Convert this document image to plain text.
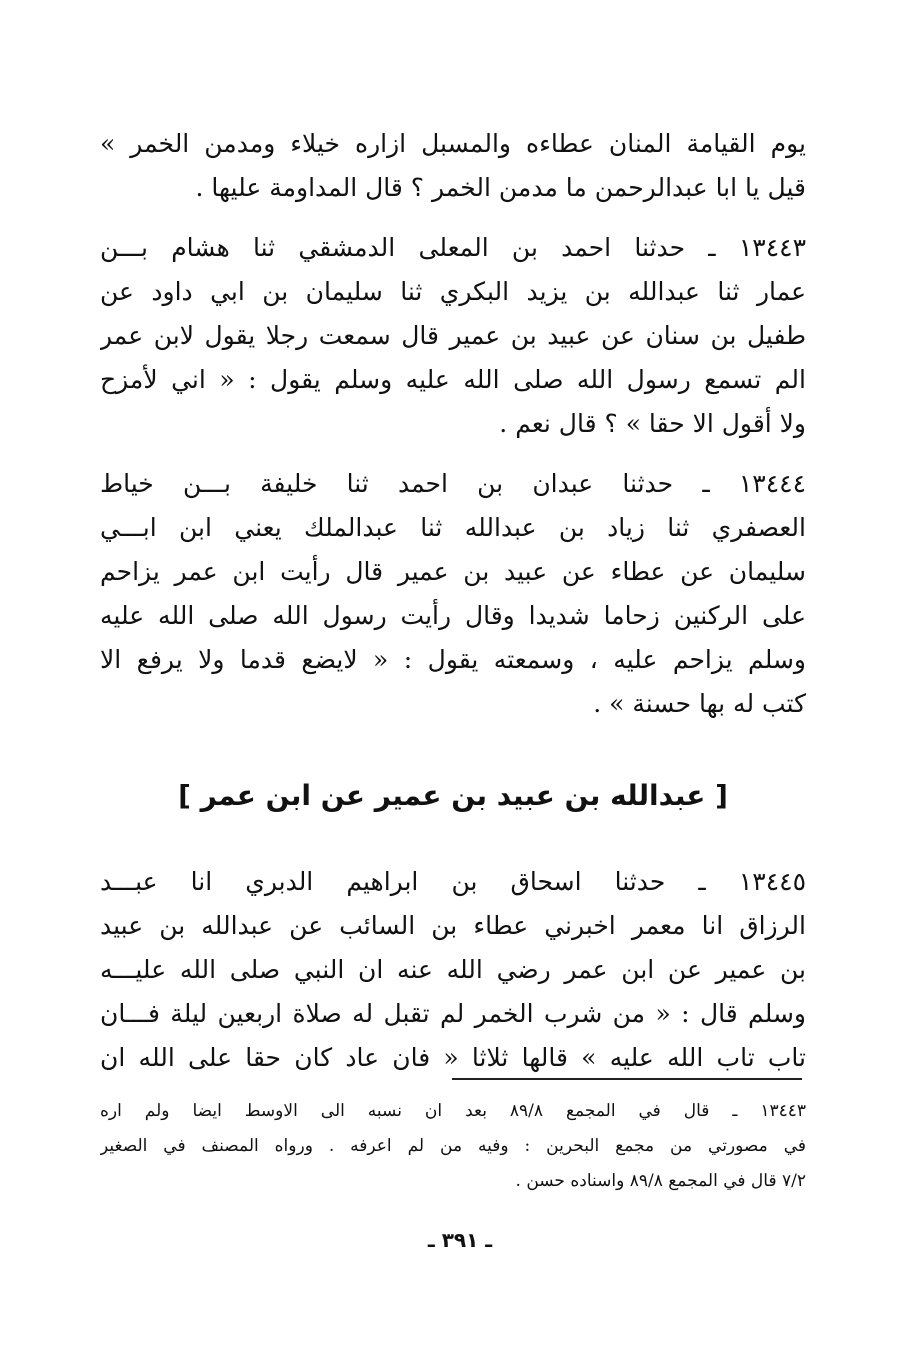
يوم القيامة المنان عطاءه والمسبل ازاره خيلاء ومدمن الخمر »
قيل يا ابا عبدالرحمن ما مدمن الخمر ؟ قال المداومة عليها .
١٣٤٤٣ ـ حدثنا احمد بن المعلى الدمشقي ثنا هشام بـــن
عمار ثنا عبدالله بن يزيد البكري ثنا سليمان بن ابي داود عن
طفيل بن سنان عن عبيد بن عمير قال سمعت رجلا يقول لابن عمر
الم تسمع رسول الله صلى الله عليه وسلم يقول : « اني لأمزح
ولا أقول الا حقا » ؟ قال نعم .
١٣٤٤٤ ـ حدثنا عبدان بن احمد ثنا خليفة بـــن خياط
العصفري ثنا زياد بن عبدالله ثنا عبدالملك يعني ابن ابـــي
سليمان عن عطاء عن عبيد بن عمير قال رأيت ابن عمر يزاحم
على الركنين زحاما شديدا وقال رأيت رسول الله صلى الله عليه
وسلم يزاحم عليه ، وسمعته يقول : « لايضع قدما ولا يرفع الا
كتب له بها حسنة » .
[ عبدالله بن عبيد بن عمير عن ابن عمر ]
١٣٤٤٥ ـ حدثنا اسحاق بن ابراهيم الدبري انا عبـــد
الرزاق انا معمر اخبرني عطاء بن السائب عن عبدالله بن عبيد
بن عمير عن ابن عمر رضي الله عنه ان النبي صلى الله عليـــه
وسلم قال : « من شرب الخمر لم تقبل له صلاة اربعين ليلة فـــان
تاب تاب الله عليه » قالها ثلاثا « فان عاد كان حقا على الله ان
١٣٤٤٣ ـ قال في المجمع ٨٩/٨ بعد ان نسبه الى الاوسط ايضا ولم اره
في مصورتي من مجمع البحرين : وفيه من لم اعرفه . ورواه المصنف في الصغير
٧/٢ قال في المجمع ٨٩/٨ واسناده حسن .
ـ ٣٩١ ـ
